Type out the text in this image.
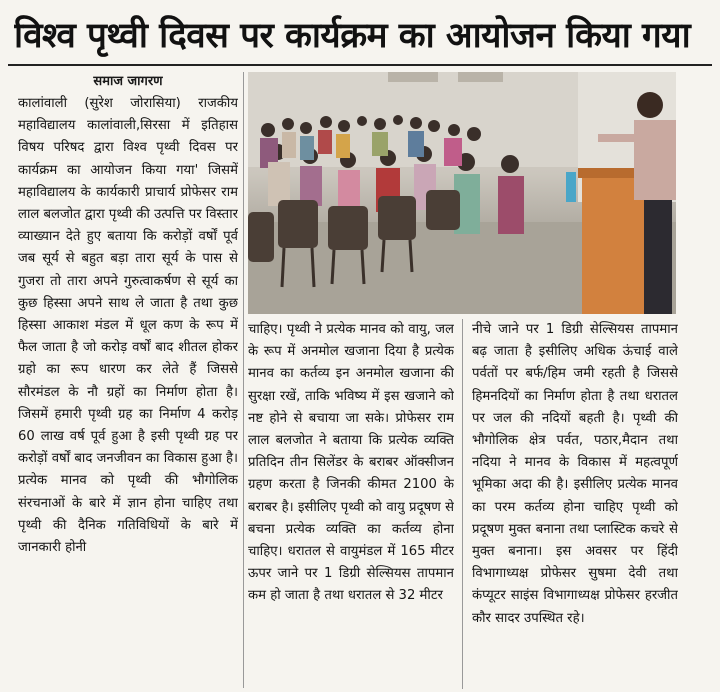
विश्व पृथ्वी दिवस पर कार्यक्रम का आयोजन किया गया
समाज जागरण
कालांवाली (सुरेश जोरासिया) राजकीय महाविद्यालय कालांवाली,सिरसा में इतिहास विषय परिषद द्वारा विश्व पृथ्वी दिवस पर कार्यक्रम का आयोजन किया गया' जिसमें महाविद्यालय के कार्यकारी प्राचार्य प्रोफेसर राम लाल बलजोत द्वारा पृथ्वी की उत्पत्ति पर विस्तार व्याख्यान देते हुए बताया कि करोड़ों वर्षों पूर्व जब सूर्य से बहुत बड़ा तारा सूर्य के पास से गुजरा तो तारा अपने गुरुत्वाकर्षण से सूर्य का कुछ हिस्सा अपने साथ ले जाता है तथा कुछ हिस्सा आकाश मंडल में धूल कण के रूप में फैल जाता है जो करोड़ वर्षों बाद शीतल होकर ग्रहो का रूप धारण कर लेते हैं जिससे सौरमंडल के नौ ग्रहों का निर्माण होता है। जिसमें हमारी पृथ्वी ग्रह का निर्माण 4 करोड़ 60 लाख वर्ष पूर्व हुआ है इसी पृथ्वी ग्रह पर करोड़ों वर्षों बाद जनजीवन का विकास हुआ है। प्रत्येक मानव को पृथ्वी की भौगोलिक संरचनाओं के बारे में ज्ञान होना चाहिए तथा पृथ्वी की दैनिक गतिविधियों के बारे में जानकारी होनी
चाहिए। पृथ्वी ने प्रत्येक मानव को वायु, जल के रूप में अनमोल खजाना दिया है प्रत्येक मानव का कर्तव्य इन अनमोल खजाना की सुरक्षा रखें, ताकि भविष्य में इस खजाने को नष्ट होने से बचाया जा सके। प्रोफेसर राम लाल बलजोत ने बताया कि प्रत्येक व्यक्ति प्रतिदिन तीन सिलेंडर के बराबर ऑक्सीजन ग्रहण करता है जिनकी कीमत 2100 के बराबर है। इसीलिए पृथ्वी को वायु प्रदूषण से बचना प्रत्येक व्यक्ति का कर्तव्य होना चाहिए। धरातल से वायुमंडल में 165 मीटर ऊपर जाने पर 1 डिग्री सेल्सियस तापमान कम हो जाता है तथा धरातल से 32 मीटर
नीचे जाने पर 1 डिग्री सेल्सियस तापमान बढ़ जाता है इसीलिए अधिक ऊंचाई वाले पर्वतों पर बर्फ/हिम जमी रहती है जिससे हिमनदियों का निर्माण होता है तथा धरातल पर जल की नदियों बहती है। पृथ्वी की भौगोलिक क्षेत्र पर्वत, पठार,मैदान तथा नदिया ने मानव के विकास में महत्वपूर्ण भूमिका अदा की है। इसीलिए प्रत्येक मानव का परम कर्तव्य होना चाहिए पृथ्वी को प्रदूषण मुक्त बनाना तथा प्लास्टिक कचरे से मुक्त बनाना। इस अवसर पर हिंदी विभागाध्यक्ष प्रोफेसर सुषमा देवी तथा कंप्यूटर साइंस विभागाध्यक्ष प्रोफेसर हरजीत कौर सादर उपस्थित रहे।
